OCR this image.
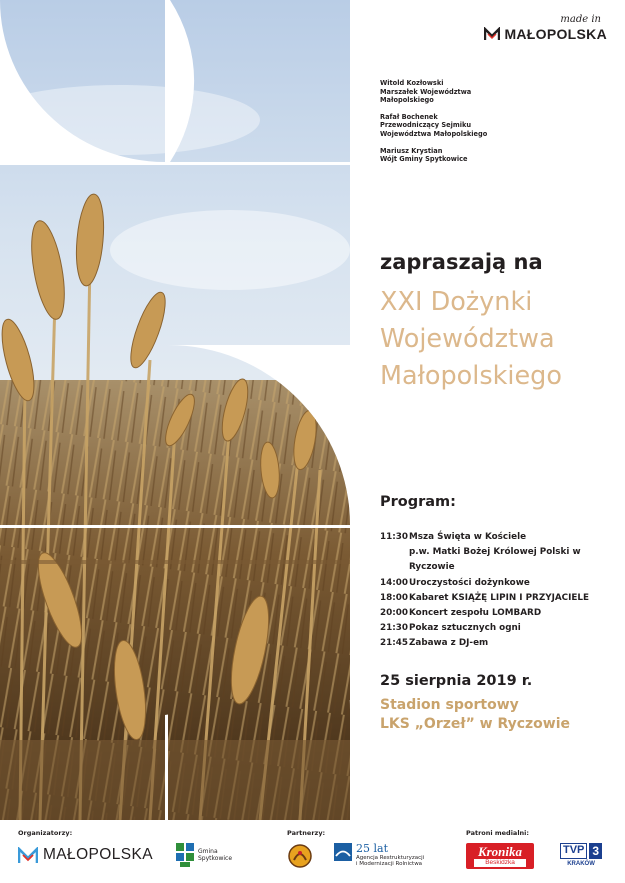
made in
MAŁOPOLSKA
Witold Kozłowski
Marszałek Województwa
Małopolskiego
Rafał Bochenek
Przewodniczący Sejmiku
Województwa Małopolskiego
Mariusz Krystian
Wójt Gminy Spytkowice
zapraszają na
XXI Dożynki
Województwa
Małopolskiego
Program:
11:30 Msza Święta w Kościele
p.w. Matki Bożej Królowej Polski w Ryczowie
14:00 Uroczystości dożynkowe
18:00 Kabaret KSIĄŻĘ LIPIN I PRZYJACIELE
20:00 Koncert zespołu LOMBARD
21:30 Pokaz sztucznych ogni
21:45 Zabawa z DJ-em
25 sierpnia 2019 r.
Stadion sportowy
LKS „Orzeł” w Ryczowie
Organizatorzy:	Partnerzy:	Patroni medialni:
MAŁOPOLSKA	Gmina
Spytkowice
25 lat
Agencja Restrukturyzacji
i Modernizacji Rolnictwa
Kronika
Beskidzka
TVP 3
KRAKÓW
